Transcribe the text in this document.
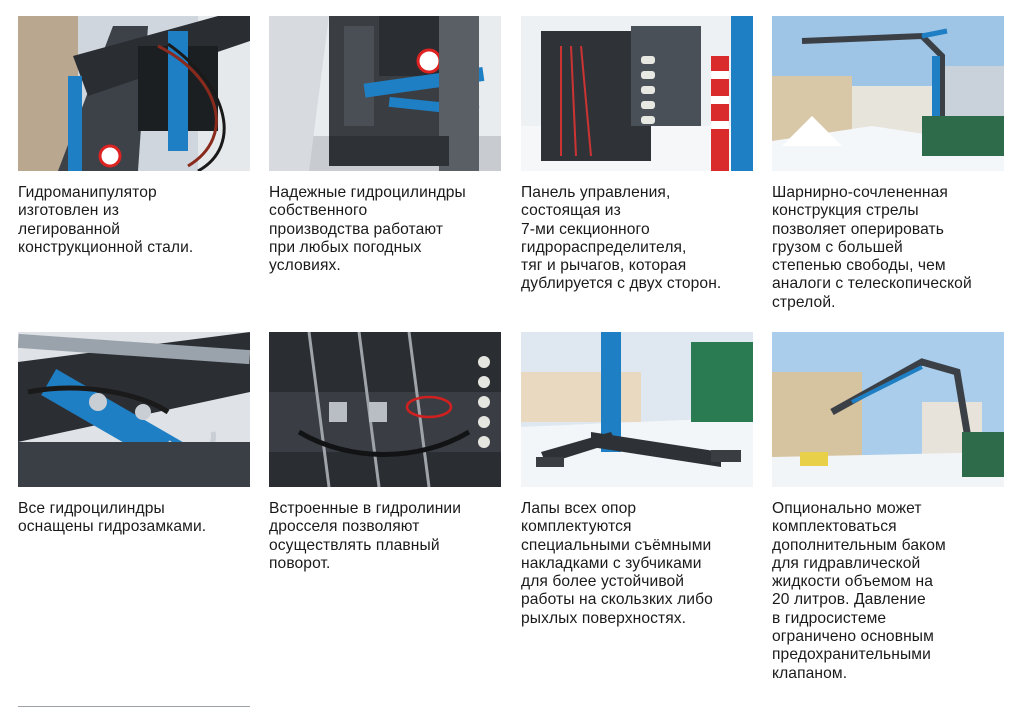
Гидроманипулятор
изготовлен из
легированной
конструкционной стали.
Надежные гидроцилиндры
собственного
производства работают
при любых погодных
условиях.
Панель управления,
состоящая из
7-ми секционного
гидрораспределителя,
тяг и рычагов, которая
дублируется с двух сторон.
Шарнирно-сочлененная
конструкция стрелы
позволяет оперировать
грузом с большей
степенью свободы, чем
аналоги с телескопической
стрелой.
Все гидроцилиндры
оснащены гидрозамками.
Встроенные в гидролинии
дросселя позволяют
осуществлять плавный
поворот.
Лапы всех опор
комплектуются
специальными съёмными
накладками с зубчиками
для более устойчивой
работы на скользких либо
рыхлых поверхностях.
Опционально может
комплектоваться
дополнительным баком
для гидравлической
жидкости объемом на
20 литров. Давление
в гидросистеме
ограничено основным
предохранительными
клапаном.
